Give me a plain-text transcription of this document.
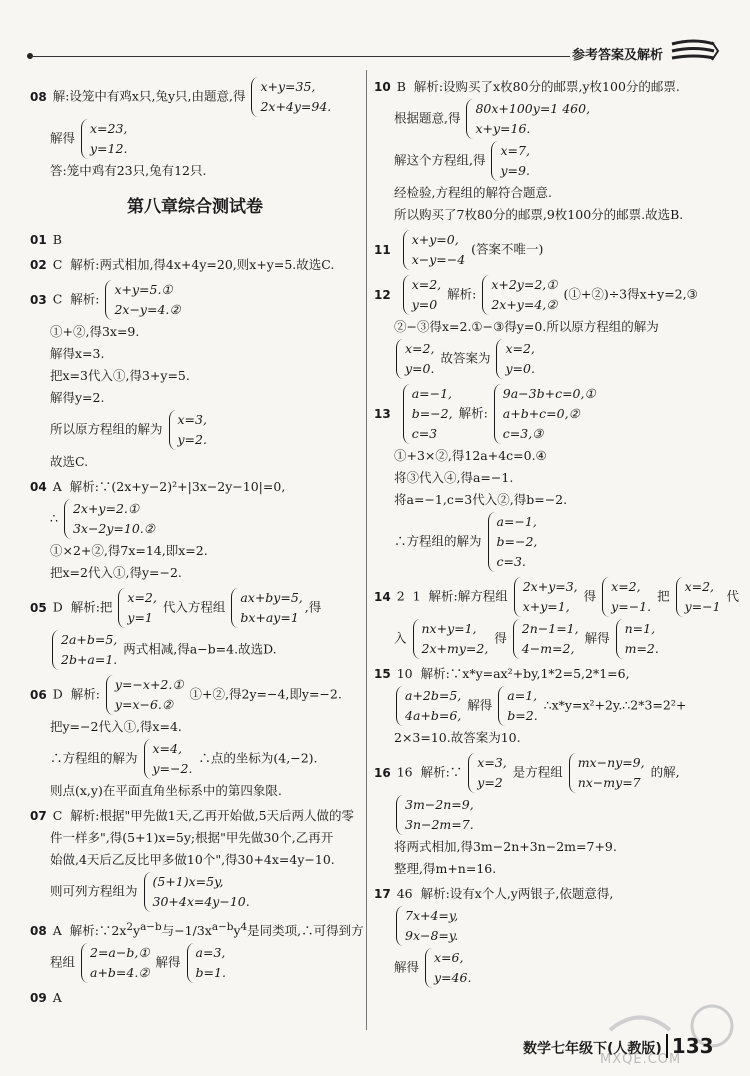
参考答案及解析
08 解:设笼中有鸡x只,兔y只,由题意,得
x+y=35,
2x+4y=94.
解得
x=23,
y=12.
答:笼中鸡有23只,兔有12只.
第八章综合测试卷
01 B
02 C 解析:两式相加,得4x+4y=20,则x+y=5.故选C.
03 C 解析:
x+y=5.①
2x−y=4.②
①+②,得3x=9.
解得x=3.
把x=3代入①,得3+y=5.
解得y=2.
所以原方程组的解为
x=3,
y=2.
故选C.
04 A 解析:∵(2x+y−2)²+|3x−2y−10|=0,
∴
2x+y=2.①
3x−2y=10.②
①×2+②,得7x=14,即x=2.
把x=2代入①,得y=−2.
05 D 解析:把
x=2,
y=1
代入方程组
ax+by=5,
bx+ay=1
,得
2a+b=5,
2b+a=1.
两式相减,得a−b=4.故选D.
06 D 解析:
y=−x+2.①
y=x−6.②
①+②,得2y=−4,即y=−2.
把y=−2代入①,得x=4.
∴方程组的解为
x=4,
y=−2.
∴点的坐标为(4,−2).
则点(x,y)在平面直角坐标系中的第四象限.
07 C 解析:根据"甲先做1天,乙再开始做,5天后两人做的零
件一样多",得(5+1)x=5y;根据"甲先做30个,乙再开
始做,4天后乙反比甲多做10个",得30+4x=4y−10.
则可列方程组为
(5+1)x=5y,
30+4x=4y−10.
08 A 解析$:\because 2x^2y^{a-b}$与$-1/3x^{a-b}y^4$是同类项,∴可得到方
程组
2=a−b,①
a+b=4.②
解得
a=3,
b=1.
09 A
10 B 解析:设购买了x枚80分的邮票,y枚100分的邮票.
根据题意,得
80x+100y=1 460,
x+y=16.
解这个方程组,得
x=7,
y=9.
经检验,方程组的解符合题意.
所以购买了7枚80分的邮票,9枚100分的邮票.故选B.
11
x+y=0,
x−y=−4
(答案不唯一)
12
x=2,
y=0
解析:
x+2y=2,①
2x+y=4,②
(①+②)÷3得x+y=2,③
②−③得x=2.①−③得y=0.所以原方程组的解为
x=2,
y=0.
故答案为
x=2,
y=0.
13
a=−1,
b=−2,
c=3
解析:
9a−3b+c=0,①
a+b+c=0,②
c=3,③
①+3×②,得12a+4c=0.④
将③代入④,得a=−1.
将a=−1,c=3代入②,得b=−2.
∴方程组的解为
a=−1,
b=−2,
c=3.
14 2 1 解析:解方程组
2x+y=3,
x+y=1,
得
x=2,
y=−1.
把
x=2,
y=−1
代
入
nx+y=1,
2x+my=2,
得
2n−1=1,
4−m=2,
解得
n=1,
m=2.
15 10 解析:∵x*y=ax²+by,1*2=5,2*1=6,
a+2b=5,
4a+b=6,
解得
a=1,
b=2.
∴x*y=x²+2y.∴2*3=2²+
2×3=10.故答案为10.
16 16 解析:∵
x=3,
y=2
是方程组
mx−ny=9,
nx−my=7
的解,
3m−2n=9,
3n−2m=7.
将两式相加,得3m−2n+3n−2m=7+9.
整理,得m+n=16.
17 46 解析:设有x个人,y两银子,依题意得,
7x+4=y,
9x−8=y.
解得
x=6,
y=46.
MXQE.COM
数学七年级下(人教版) 133
